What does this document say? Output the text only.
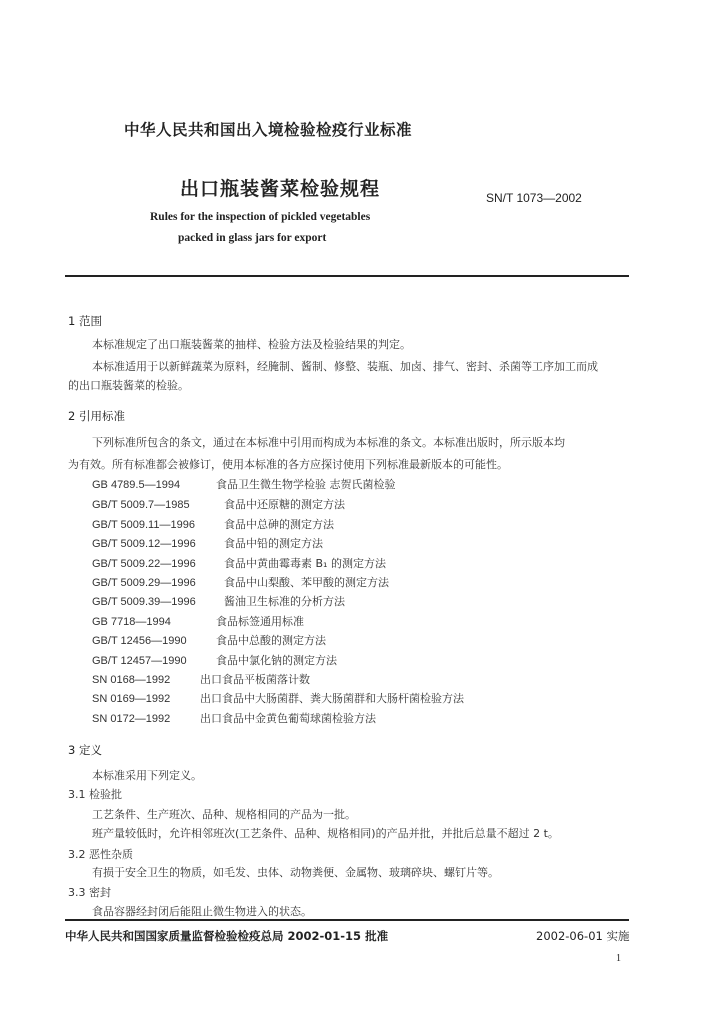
中华人民共和国出入境检验检疫行业标准
出口瓶装酱菜检验规程	SN/T 1073—2002
Rules for the inspection of pickled vegetables
packed in glass jars for export
1 范围
本标准规定了出口瓶装酱菜的抽样、检验方法及检验结果的判定。
本标准适用于以新鲜蔬菜为原料，经腌制、酱制、修整、装瓶、加卤、排气、密封、杀菌等工序加工而成
的出口瓶装酱菜的检验。
2 引用标准
下列标准所包含的条文，通过在本标准中引用而构成为本标准的条文。本标准出版时，所示版本均
为有效。所有标准都会被修订，使用本标准的各方应探讨使用下列标准最新版本的可能性。
GB 4789.5—1994	食品卫生微生物学检验 志贺氏菌检验
GB/T 5009.7—1985	食品中还原糖的测定方法
GB/T 5009.11—1996	食品中总砷的测定方法
GB/T 5009.12—1996	食品中铅的测定方法
GB/T 5009.22—1996	食品中黄曲霉毒素 B₁ 的测定方法
GB/T 5009.29—1996	食品中山梨酸、苯甲酸的测定方法
GB/T 5009.39—1996	酱油卫生标准的分析方法
GB 7718—1994	食品标签通用标准
GB/T 12456—1990	食品中总酸的测定方法
GB/T 12457—1990	食品中氯化钠的测定方法
SN 0168—1992	出口食品平板菌落计数
SN 0169—1992	出口食品中大肠菌群、粪大肠菌群和大肠杆菌检验方法
SN 0172—1992	出口食品中金黄色葡萄球菌检验方法
3 定义
本标准采用下列定义。
3.1 检验批
工艺条件、生产班次、品种、规格相同的产品为一批。
班产量较低时，允许相邻班次(工艺条件、品种、规格相同)的产品并批，并批后总量不超过 2 t。
3.2 恶性杂质
有损于安全卫生的物质，如毛发、虫体、动物粪便、金属物、玻璃碎块、螺钉片等。
3.3 密封
食品容器经封闭后能阻止微生物进入的状态。
中华人民共和国国家质量监督检验检疫总局 2002-01-15 批准	2002-06-01 实施
1
